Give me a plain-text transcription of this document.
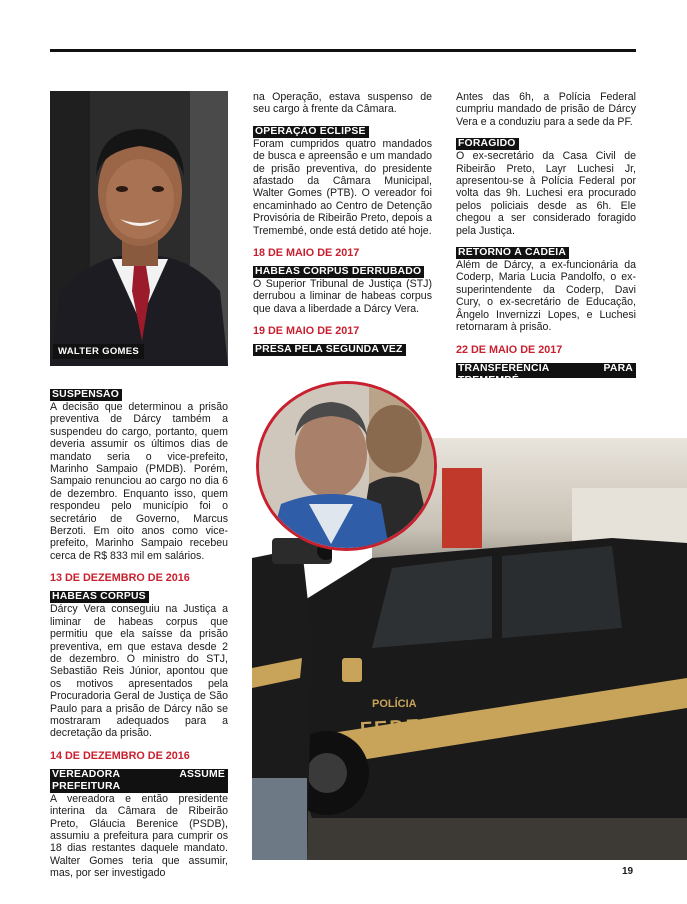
WALTER GOMES
SUSPENSÃO

A decisão que determinou a prisão preventiva de Dárcy também a suspendeu do cargo, portanto, quem deveria assumir os últimos dias de mandato seria o vice-prefeito, Marinho Sampaio (PMDB). Porém, Sampaio renunciou ao cargo no dia 6 de dezembro. Enquanto isso, quem respondeu pelo município foi o secretário de Governo, Marcus Berzoti. Em oito anos como vice-prefeito, Marinho Sampaio recebeu cerca de R$ 833 mil em salários.

13 DE DEZEMBRO DE 2016
HABEAS CORPUS

Dárcy Vera conseguiu na Justiça a liminar de habeas corpus que permitiu que ela saísse da prisão preventiva, em que estava desde 2 de dezembro. O ministro do STJ, Sebastião Reis Júnior, apontou que os motivos apresentados pela Procuradoria Geral de Justiça de São Paulo para a prisão de Dárcy não se mostraram adequados para a decretação da prisão.

14 DE DEZEMBRO DE 2016
VEREADORA ASSUME PREFEITURA

A vereadora e então presidente interina da Câmara de Ribeirão Preto, Gláucia Berenice (PSDB), assumiu a prefeitura para cumprir os 18 dias restantes daquele mandato. Walter Gomes teria que assumir, mas, por ser investigado

na Operação, estava suspenso de seu cargo à frente da Câmara.

OPERAÇÃO ECLIPSE

Foram cumpridos quatro mandados de busca e apreensão e um mandado de prisão preventiva, do presidente afastado da Câmara Municipal, Walter Gomes (PTB). O vereador foi encaminhado ao Centro de Detenção Provisória de Ribeirão Preto, depois a Tremembé, onde está detido até hoje.

18 DE MAIO DE 2017
HABEAS CORPUS DERRUBADO

O Superior Tribunal de Justiça (STJ) derrubou a liminar de habeas corpus que dava a liberdade a Dárcy Vera.

19 DE MAIO DE 2017
PRESA PELA SEGUNDA VEZ

Antes das 6h, a Polícia Federal cumpriu mandado de prisão de Dárcy Vera e a conduziu para a sede da PF.

FORAGIDO

O ex-secretário da Casa Civil de Ribeirão Preto, Layr Luchesi Jr, apresentou-se à Polícia Federal por volta das 9h. Luchesi era procurado pelos policiais desde as 6h. Ele chegou a ser considerado foragido pela Justiça.

RETORNO À CADEIA

Além de Dárcy, a ex-funcionária da Coderp, Maria Lucia Pandolfo, o ex-superintendente da Coderp, Davi Cury, o ex-secretário de Educação, Ângelo Invernizzi Lopes, e Luchesi retornaram à prisão.

22 DE MAIO DE 2017
TRANSFERÊNCIA PARA

POLÍCIA
FEDERAL
19
